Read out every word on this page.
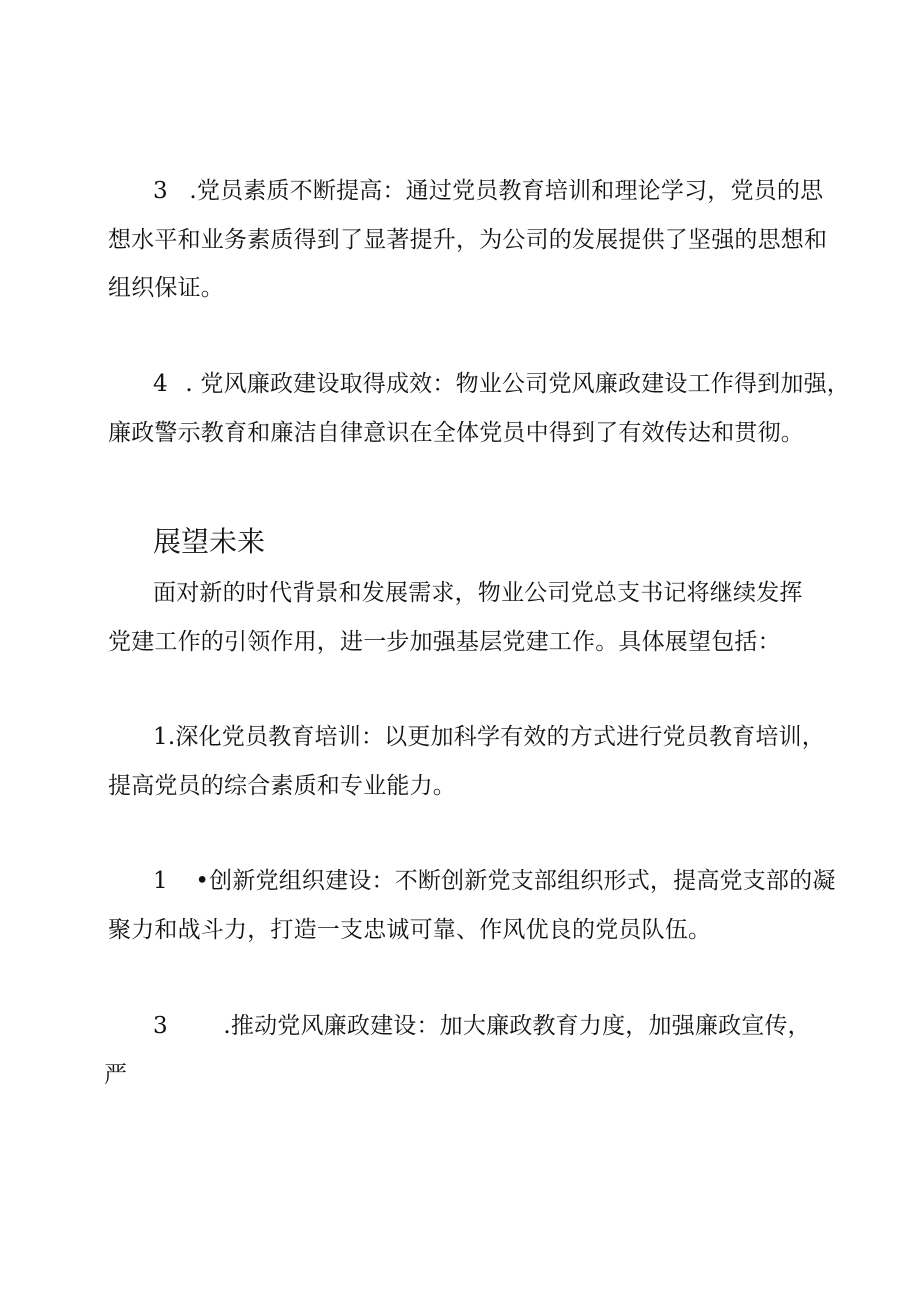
3 .党员素质不断提高：通过党员教育培训和理论学习，党员的思
想水平和业务素质得到了显著提升，为公司的发展提供了坚强的思想和
组织保证。
4 . 党风廉政建设取得成效：物业公司党风廉政建设工作得到加强，
廉政警示教育和廉洁自律意识在全体党员中得到了有效传达和贯彻。
展望未来
面对新的时代背景和发展需求，物业公司党总支书记将继续发挥
党建工作的引领作用，进一步加强基层党建工作。具体展望包括：
1.深化党员教育培训：以更加科学有效的方式进行党员教育培训，
提高党员的综合素质和专业能力。
1 •创新党组织建设：不断创新党支部组织形式，提高党支部的凝
聚力和战斗力，打造一支忠诚可靠、作风优良的党员队伍。
3 .推动党风廉政建设：加大廉政教育力度，加强廉政宣传，
严
